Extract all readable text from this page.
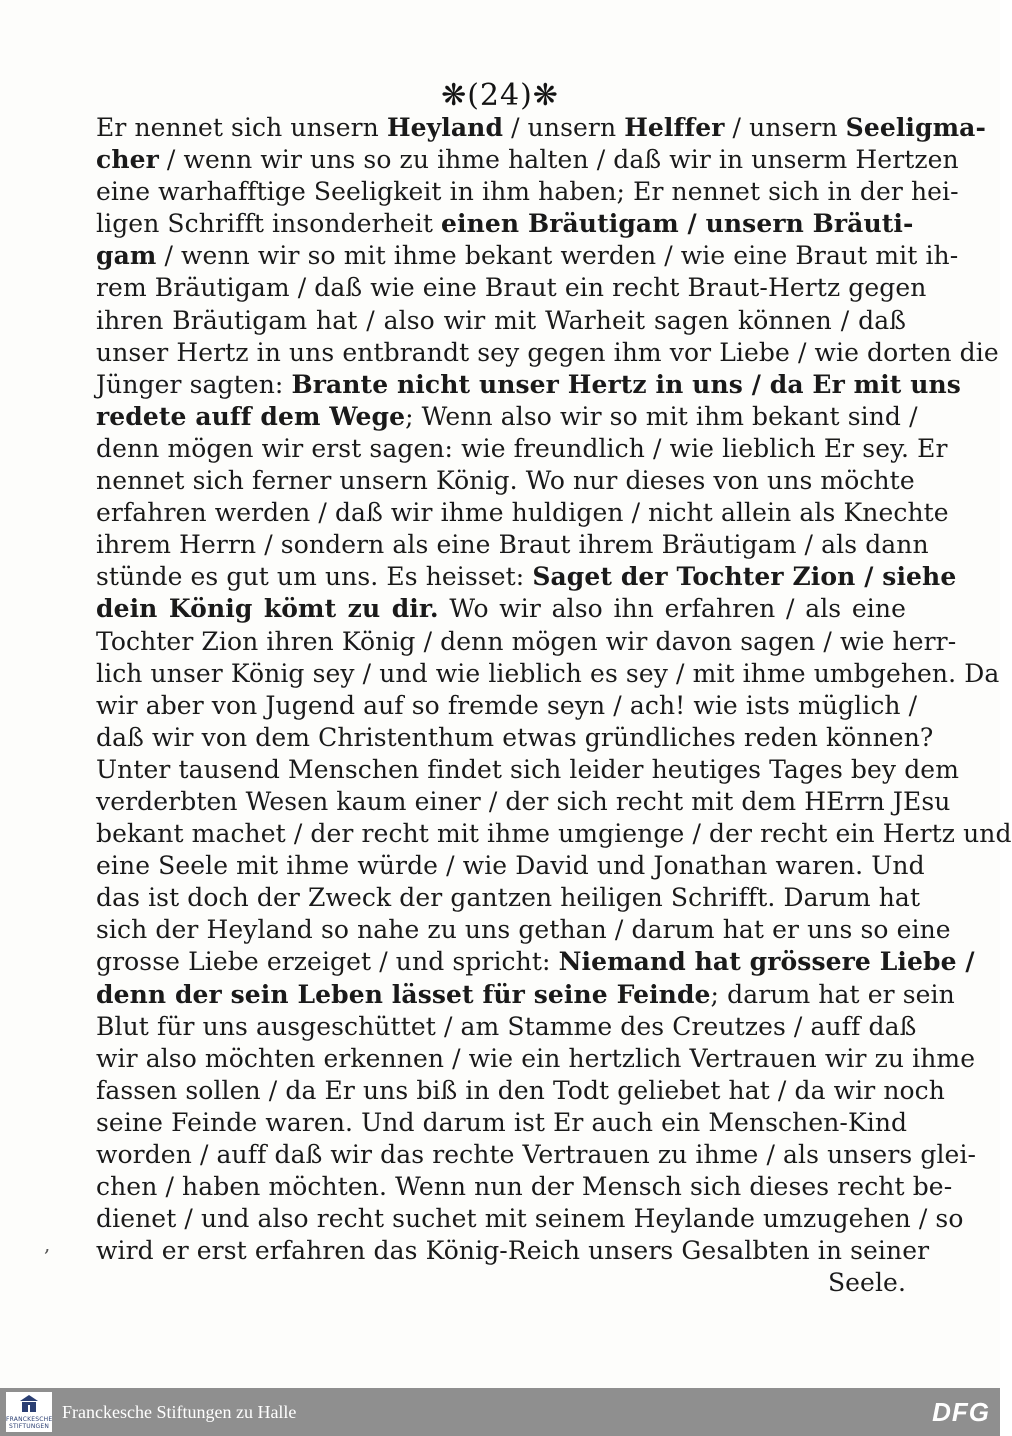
❋(24)❋
Er nennet sich unsern Heyland / unsern Helffer / unsern Seeligma-
cher / wenn wir uns so zu ihme halten / daß wir in unserm Hertzen
eine warhafftige Seeligkeit in ihm haben; Er nennet sich in der hei-
ligen Schrifft insonderheit einen Bräutigam / unsern Bräuti-
gam / wenn wir so mit ihme bekant werden / wie eine Braut mit ih-
rem Bräutigam / daß wie eine Braut ein recht Braut-Hertz gegen
ihren Bräutigam hat / also wir mit Warheit sagen können / daß
unser Hertz in uns entbrandt sey gegen ihm vor Liebe / wie dorten die
Jünger sagten: Brante nicht unser Hertz in uns / da Er mit uns
redete auff dem Wege; Wenn also wir so mit ihm bekant sind /
denn mögen wir erst sagen: wie freundlich / wie lieblich Er sey. Er
nennet sich ferner unsern König. Wo nur dieses von uns möchte
erfahren werden / daß wir ihme huldigen / nicht allein als Knechte
ihrem Herrn / sondern als eine Braut ihrem Bräutigam / als dann
stünde es gut um uns. Es heisset: Saget der Tochter Zion / siehe
dein König kömt zu dir. Wo wir also ihn erfahren / als eine
Tochter Zion ihren König / denn mögen wir davon sagen / wie herr-
lich unser König sey / und wie lieblich es sey / mit ihme umbgehen. Da
wir aber von Jugend auf so fremde seyn / ach! wie ists müglich /
daß wir von dem Christenthum etwas gründliches reden können?
Unter tausend Menschen findet sich leider heutiges Tages bey dem
verderbten Wesen kaum einer / der sich recht mit dem HErrn JEsu
bekant machet / der recht mit ihme umgienge / der recht ein Hertz und
eine Seele mit ihme würde / wie David und Jonathan waren. Und
das ist doch der Zweck der gantzen heiligen Schrifft. Darum hat
sich der Heyland so nahe zu uns gethan / darum hat er uns so eine
grosse Liebe erzeiget / und spricht: Niemand hat grössere Liebe /
denn der sein Leben lässet für seine Feinde; darum hat er sein
Blut für uns ausgeschüttet / am Stamme des Creutzes / auff daß
wir also möchten erkennen / wie ein hertzlich Vertrauen wir zu ihme
fassen sollen / da Er uns biß in den Todt geliebet hat / da wir noch
seine Feinde waren. Und darum ist Er auch ein Menschen-Kind
worden / auff daß wir das rechte Vertrauen zu ihme / als unsers glei-
chen / haben möchten. Wenn nun der Mensch sich dieses recht be-
dienet / und also recht suchet mit seinem Heylande umzugehen / so
wird er erst erfahren das König-Reich unsers Gesalbten in seiner
Seele.
,
FRANCKESCHE
STIFTUNGEN
Franckesche Stiftungen zu Halle	DFG
